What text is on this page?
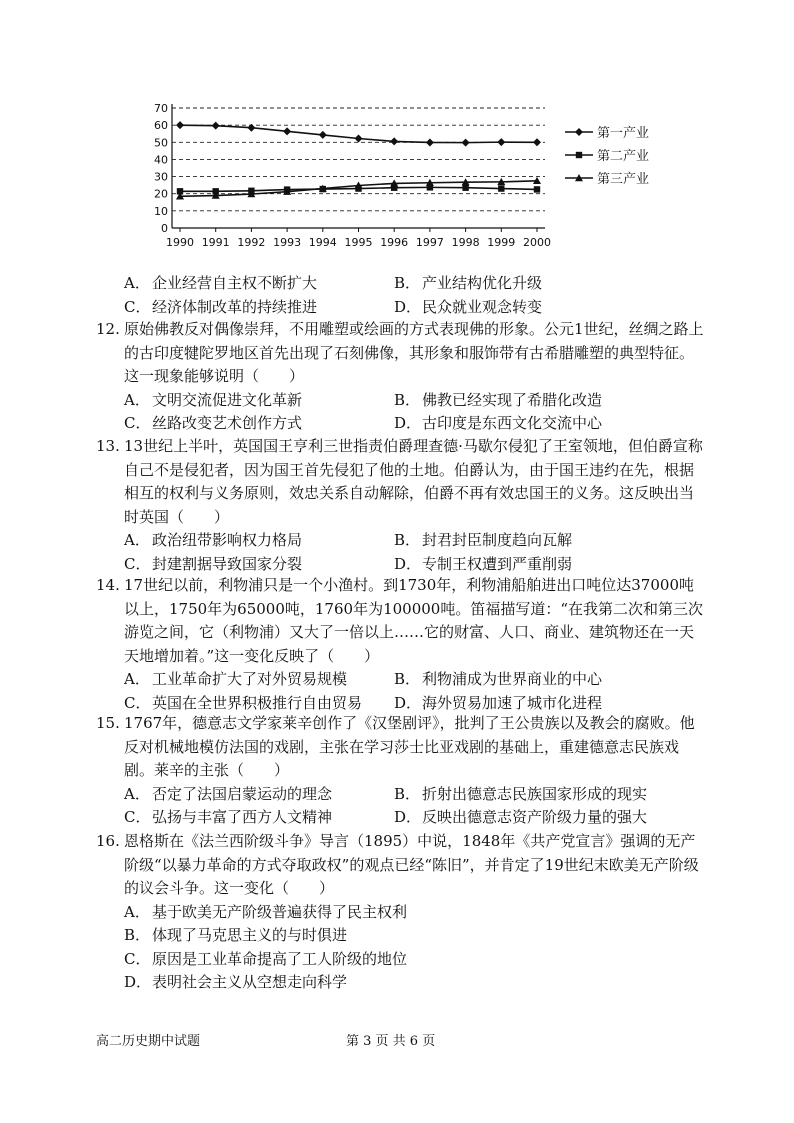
0
10
20
30
40
50
60
70
1990 1991 1992 1993 1994 1995 1996 1997 1998 1999 2000
第一产业
第二产业
第三产业
A． 企业经营自主权不断扩大	B． 产业结构优化升级
C． 经济体制改革的持续推进	D．民众就业观念转变
12. 原始佛教反对偶像崇拜，不用雕塑或绘画的方式表现佛的形象。公元1世纪，丝绸之路上的古印度犍陀罗地区首先出现了石刻佛像，其形象和服饰带有古希腊雕塑的典型特征。这一现象能够说明（　　）
A． 文明交流促进文化革新	B． 佛教已经实现了希腊化改造
C． 丝路改变艺术创作方式	D．古印度是东西文化交流中心
13. 13世纪上半叶，英国国王亨利三世指责伯爵理查德·马歇尔侵犯了王室领地，但伯爵宣称自己不是侵犯者，因为国王首先侵犯了他的土地。伯爵认为，由于国王违约在先，根据相互的权利与义务原则，效忠关系自动解除，伯爵不再有效忠国王的义务。这反映出当时英国（　　）
A． 政治纽带影响权力格局	B． 封君封臣制度趋向瓦解
C． 封建割据导致国家分裂	D．专制王权遭到严重削弱
14. 17世纪以前，利物浦只是一个小渔村。到1730年，利物浦船舶进出口吨位达37000吨以上，1750年为65000吨，1760年为100000吨。笛福描写道：“在我第二次和第三次游览之间，它（利物浦）又大了一倍以上……它的财富、人口、商业、建筑物还在一天天地增加着。”这一变化反映了（　　）
A． 工业革命扩大了对外贸易规模	B． 利物浦成为世界商业的中心
C． 英国在全世界积极推行自由贸易	D．海外贸易加速了城市化进程
15. 1767年，德意志文学家莱辛创作了《汉堡剧评》，批判了王公贵族以及教会的腐败。他反对机械地模仿法国的戏剧，主张在学习莎士比亚戏剧的基础上，重建德意志民族戏剧。莱辛的主张（　　）
A． 否定了法国启蒙运动的理念	B． 折射出德意志民族国家形成的现实
C． 弘扬与丰富了西方人文精神	D．反映出德意志资产阶级力量的强大
16. 恩格斯在《法兰西阶级斗争》导言（1895）中说，1848年《共产党宣言》强调的无产阶级“以暴力革命的方式夺取政权”的观点已经“陈旧”，并肯定了19世纪末欧美无产阶级的议会斗争。这一变化（　　）
A． 基于欧美无产阶级普遍获得了民主权利
B． 体现了马克思主义的与时俱进
C． 原因是工业革命提高了工人阶级的地位
D．表明社会主义从空想走向科学
高二历史期中试题	第 3 页 共 6 页
